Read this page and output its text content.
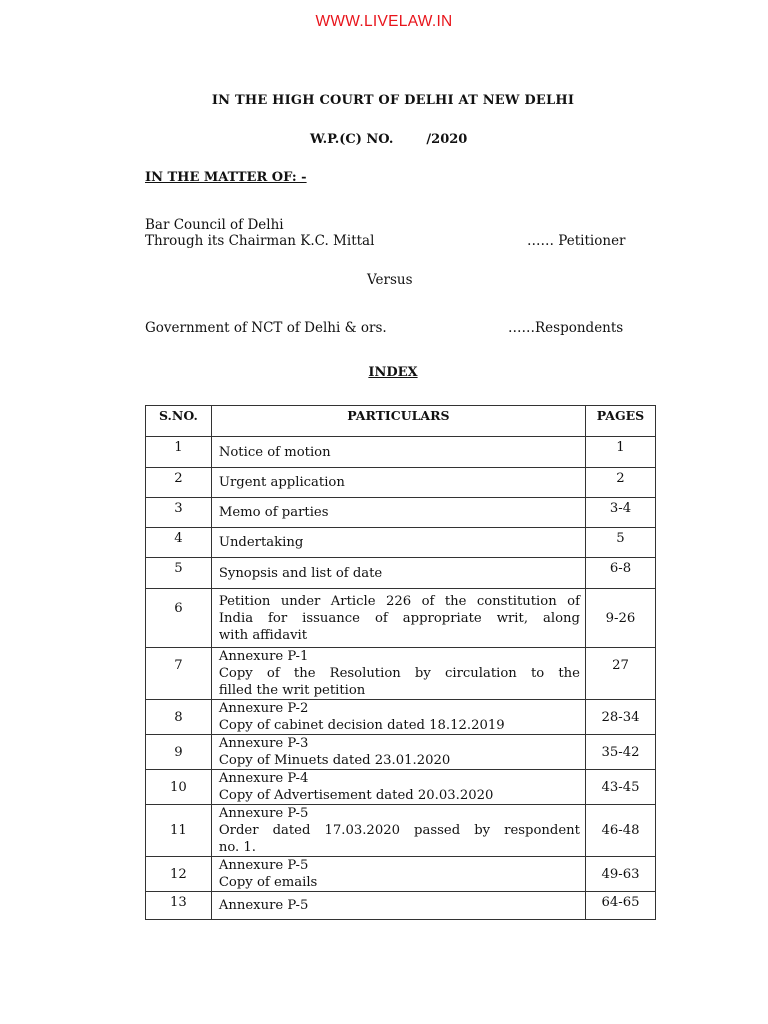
WWW.LIVELAW.IN
IN THE HIGH COURT OF DELHI AT NEW DELHI
W.P.(C) NO.	/2020
IN THE MATTER OF: -
Bar Council of Delhi
Through its Chairman K.C. Mittal	…… Petitioner
Versus
Government of NCT of Delhi & ors.	……Respondents
INDEX
S.NO.	PARTICULARS	PAGES
1	Notice of motion	1
2	Urgent application	2
3	Memo of parties	3-4
4	Undertaking	5
5	Synopsis and list of date	6-8
6	Petition under Article 226 of the constitution of
India for issuance of appropriate writ, along
with affidavit	9-26
7	Annexure P-1
Copy of the Resolution by circulation to the
filled the writ petition	27
8	Annexure P-2
Copy of cabinet decision dated 18.12.2019	28-34
9	Annexure P-3
Copy of Minuets dated 23.01.2020	35-42
10	Annexure P-4
Copy of Advertisement dated 20.03.2020	43-45
11	Annexure P-5
Order dated 17.03.2020 passed by respondent
no. 1.	46-48
12	Annexure P-5
Copy of emails	49-63
13	Annexure P-5	64-65
